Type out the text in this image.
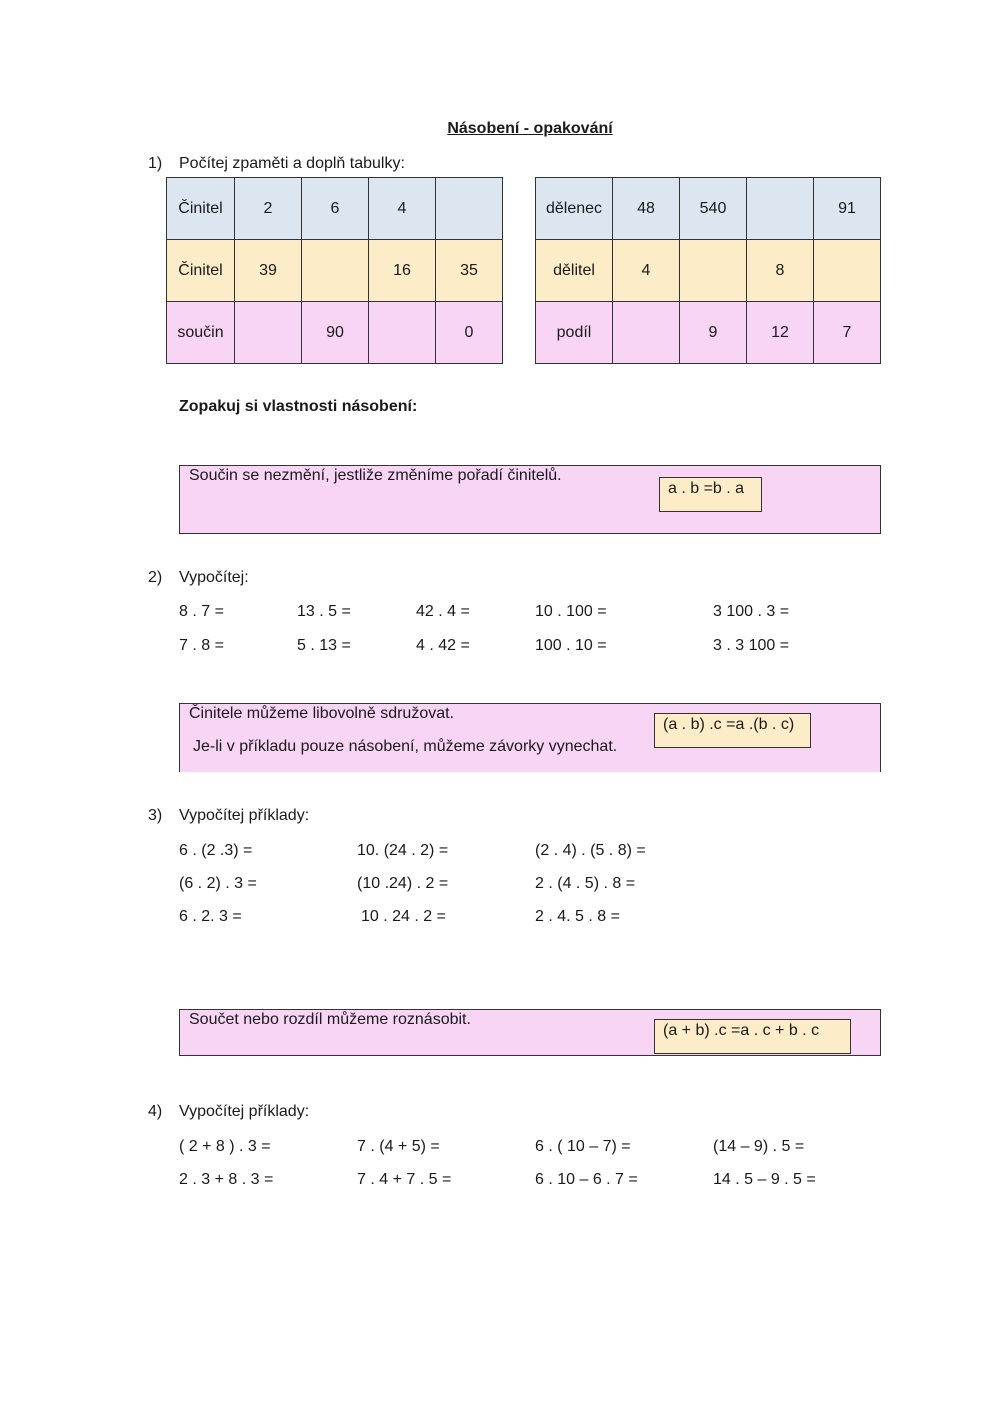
Násobení - opakování
1) Počítej zpaměti a doplň tabulky:
Činitel	2	6	4	
Činitel	39		16	35
součin		90		0
dělenec	48	540		91
dělitel	4		8	
podíl		9	12	7
Zopakuj si vlastnosti násobení:
Součin se nezmění, jestliže změníme pořadí činitelů.
a . b =b . a
2) Vypočítej:
8 . 7 =	13 . 5 =	42 . 4 =	10 . 100 =	3 100 . 3 =
7 . 8 =	5 . 13 =	4 . 42 =	100 . 10 =	3 . 3 100 =
Činitele můžeme libovolně sdružovat.
Je-li v příkladu pouze násobení, můžeme závorky vynechat.
(a . b) .c =a .(b . c)
3) Vypočítej příklady:
6 . (2 .3) =	10. (24 . 2) =	(2 . 4) . (5 . 8) =
(6 . 2) . 3 =	(10 .24) . 2 =	2 . (4 . 5) . 8 =
6 . 2. 3 =	10 . 24 . 2 =	2 . 4. 5 . 8 =
Součet nebo rozdíl můžeme roznásobit.
(a + b) .c =a . c + b . c
4) Vypočítej příklady:
( 2 + 8 ) . 3 =	7 . (4 + 5) =	6 . ( 10 – 7) =	(14 – 9) . 5 =
2 . 3 + 8 . 3 =	7 . 4 + 7 . 5 =	6 . 10 – 6 . 7 =	14 . 5 – 9 . 5 =
